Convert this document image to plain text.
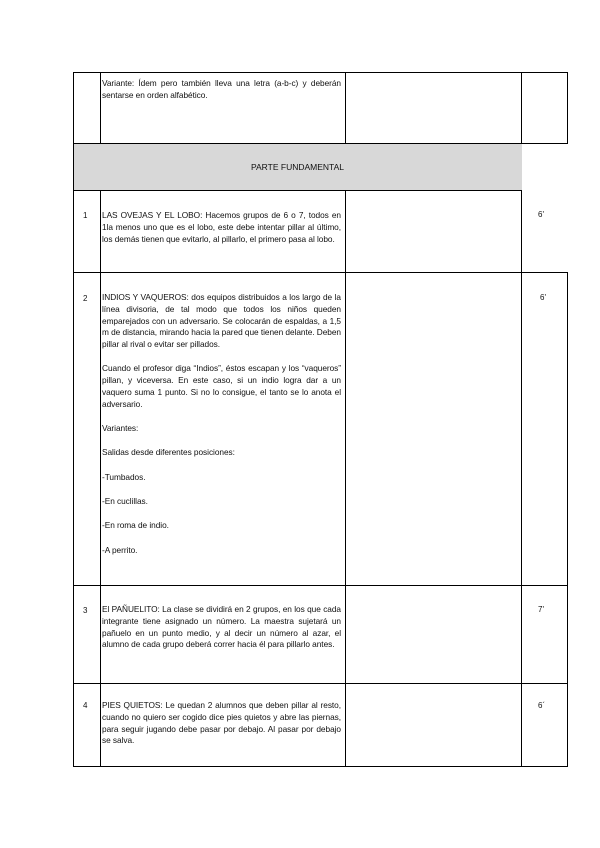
Variante: Ídem pero también lleva una letra (a-b-c) y deberán sentarse en orden alfabético.
PARTE FUNDAMENTAL
1 LAS OVEJAS Y EL LOBO: Hacemos grupos de 6 o 7, todos en 1la menos uno que es el lobo, este debe intentar pillar al último, los demás tienen que evitarlo, al pillarlo, el primero pasa al lobo.

6'
2 INDIOS Y VAQUEROS: dos equipos distribuidos a los largo de la línea divisoria, de tal modo que todos los niños queden emparejados con un adversario. Se colocarán de espaldas, a 1,5 m de distancia, mirando hacia la pared que tienen delante. Deben pillar al rival o evitar ser pillados.

Cuando el profesor diga “Indios”, éstos escapan y los “vaqueros” pillan, y viceversa. En este caso, si un indio logra dar a un vaquero suma 1 punto. Si no lo consigue, el tanto se lo anota el adversario.

Variantes:

Salidas desde diferentes posiciones:

-Tumbados.

-En cuclillas.

-En roma de indio.

-A perrito.

6'
3 El PAÑUELITO: La clase se dividirá en 2 grupos, en los que cada integrante tiene asignado un número. La maestra sujetará un pañuelo en un punto medio, y al decir un número al azar, el alumno de cada grupo deberá correr hacia él para pillarlo antes.

7'
4 PIES QUIETOS: Le quedan 2 alumnos que deben pillar al resto, cuando no quiero ser cogido dice pies quietos y abre las piernas, para seguir jugando debe pasar por debajo. Al pasar por debajo se salva.

6´
